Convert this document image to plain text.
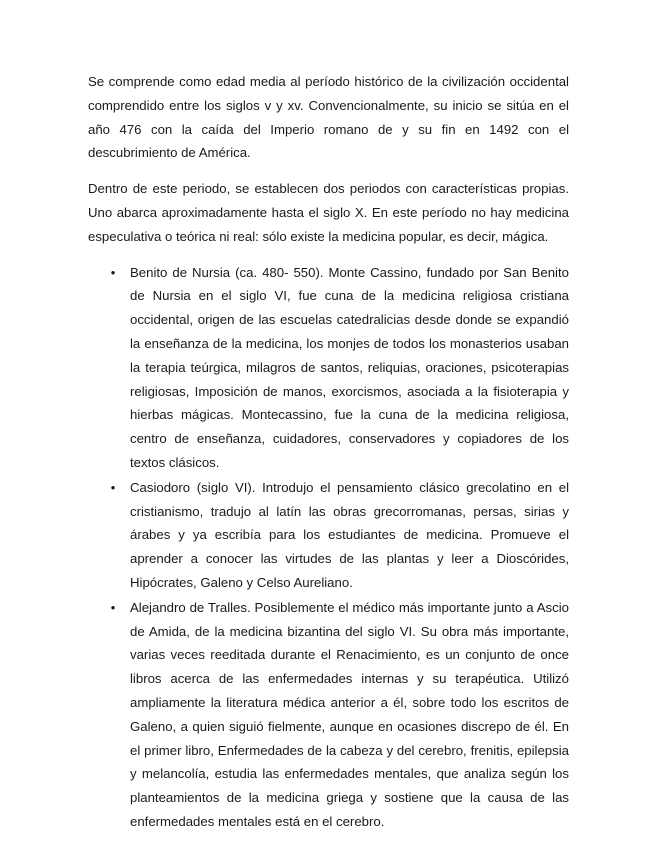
Se comprende como edad media al período histórico de la civilización occidental comprendido entre los siglos v y xv. Convencionalmente, su inicio se sitúa en el año 476 con la caída del Imperio romano de y su fin en 1492 con el descubrimiento de América.

Dentro de este periodo, se establecen dos periodos con características propias. Uno abarca aproximadamente hasta el siglo X. En este período no hay medicina especulativa o teórica ni real: sólo existe la medicina popular, es decir, mágica.

• Benito de Nursia (ca. 480- 550). Monte Cassino, fundado por San Benito de Nursia en el siglo VI, fue cuna de la medicina religiosa cristiana occidental, origen de las escuelas catedralicias desde donde se expandió la enseñanza de la medicina, los monjes de todos los monasterios usaban la terapia teúrgica, milagros de santos, reliquias, oraciones, psicoterapias religiosas, Imposición de manos, exorcismos, asociada a la fisioterapia y hierbas mágicas. Montecassino, fue la cuna de la medicina religiosa, centro de enseñanza, cuidadores, conservadores y copiadores de los textos clásicos.
• Casiodoro (siglo VI). Introdujo el pensamiento clásico grecolatino en el cristianismo, tradujo al latín las obras grecorromanas, persas, sirias y árabes y ya escribía para los estudiantes de medicina. Promueve el aprender a conocer las virtudes de las plantas y leer a Dioscórides, Hipócrates, Galeno y Celso Aureliano.
• Alejandro de Tralles. Posiblemente el médico más importante junto a Ascio de Amida, de la medicina bizantina del siglo VI. Su obra más importante, varias veces reeditada durante el Renacimiento, es un conjunto de once libros acerca de las enfermedades internas y su terapéutica. Utilizó ampliamente la literatura médica anterior a él, sobre todo los escritos de Galeno, a quien siguió fielmente, aunque en ocasiones discrepo de él. En el primer libro, Enfermedades de la cabeza y del cerebro, frenitis, epilepsia y melancolía, estudia las enfermedades mentales, que analiza según los planteamientos de la medicina griega y sostiene que la causa de las enfermedades mentales está en el cerebro.
